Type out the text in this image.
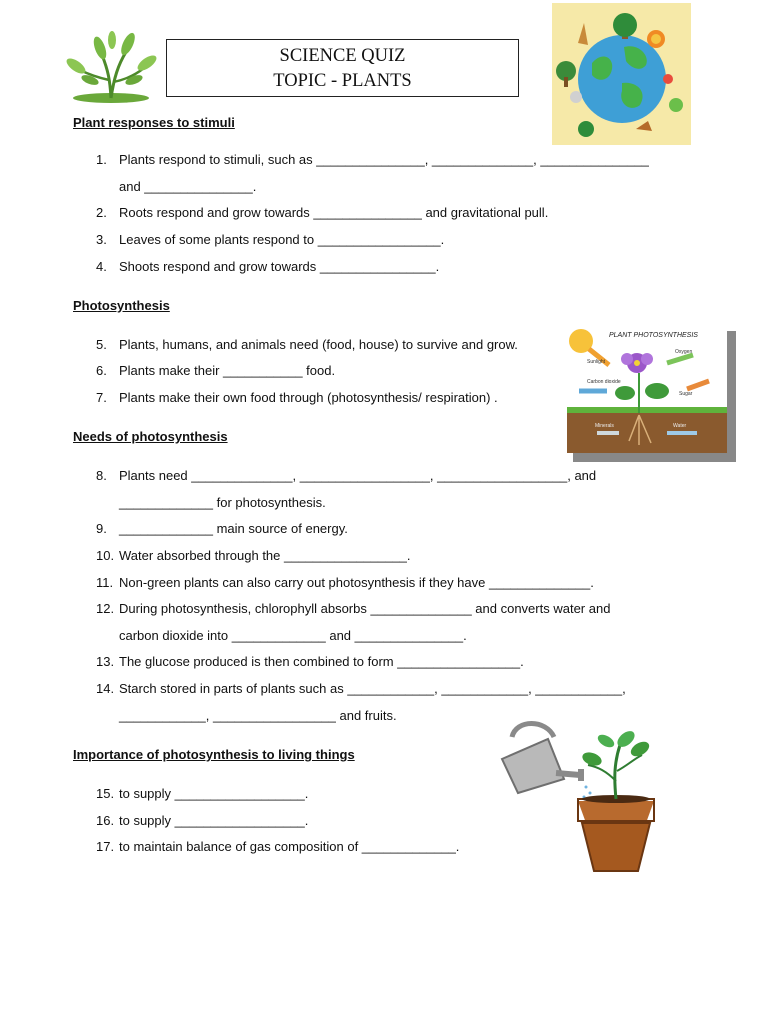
SCIENCE QUIZ
TOPIC - PLANTS
Plant responses to stimuli
1. Plants respond to stimuli, such as _______________, ______________, _______________
and _______________.
2. Roots respond and grow towards _______________ and gravitational pull.
3. Leaves of some plants respond to _________________.
4. Shoots respond and grow towards ________________.
Photosynthesis
5. Plants, humans, and animals need (food, house) to survive and grow.
6. Plants make their ___________ food.
7. Plants make their own food through (photosynthesis/ respiration) .
PLANT PHOTOSYNTHESIS
Sunlight
Oxygen
Carbon dioxide
Sugar
Minerals	Water
Needs of photosynthesis
8. Plants need ______________, __________________, __________________, and
_____________ for photosynthesis.
9. _____________ main source of energy.
10. Water absorbed through the _________________.
11. Non-green plants can also carry out photosynthesis if they have ______________.
12. During photosynthesis, chlorophyll absorbs ______________ and converts water and
carbon dioxide into _____________ and _______________.
13. The glucose produced is then combined to form _________________.
14. Starch stored in parts of plants such as ____________, ____________, ____________,
____________, _________________ and fruits.
Importance of photosynthesis to living things
15. to supply __________________.
16. to supply __________________.
17. to maintain balance of gas composition of _____________.
